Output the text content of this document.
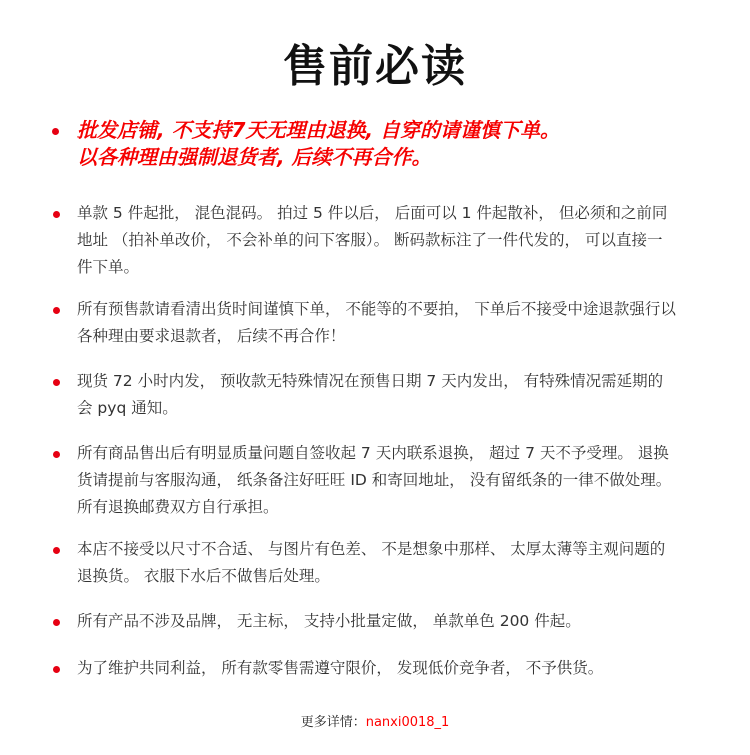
售前必读
批发店铺, 不支持7天无理由退换, 自穿的请谨慎下单。
以各种理由强制退货者, 后续不再合作。
单款 5 件起批， 混色混码。 拍过 5 件以后， 后面可以 1 件起散补， 但必须和之前同地址 （拍补单改价， 不会补单的问下客服）。 断码款标注了一件代发的， 可以直接一件下单。
所有预售款请看清出货时间谨慎下单， 不能等的不要拍， 下单后不接受中途退款强行以各种理由要求退款者， 后续不再合作！
现货 72 小时内发， 预收款无特殊情况在预售日期 7 天内发出， 有特殊情况需延期的会 pyq 通知。
所有商品售出后有明显质量问题自签收起 7 天内联系退换， 超过 7 天不予受理。 退换货请提前与客服沟通， 纸条备注好旺旺 ID 和寄回地址， 没有留纸条的一律不做处理。 所有退换邮费双方自行承担。
本店不接受以尺寸不合适、 与图片有色差、 不是想象中那样、 太厚太薄等主观问题的退换货。 衣服下水后不做售后处理。
所有产品不涉及品牌， 无主标， 支持小批量定做， 单款单色 200 件起。
为了维护共同利益， 所有款零售需遵守限价， 发现低价竞争者， 不予供货。
更多详情：nanxi0018_1
